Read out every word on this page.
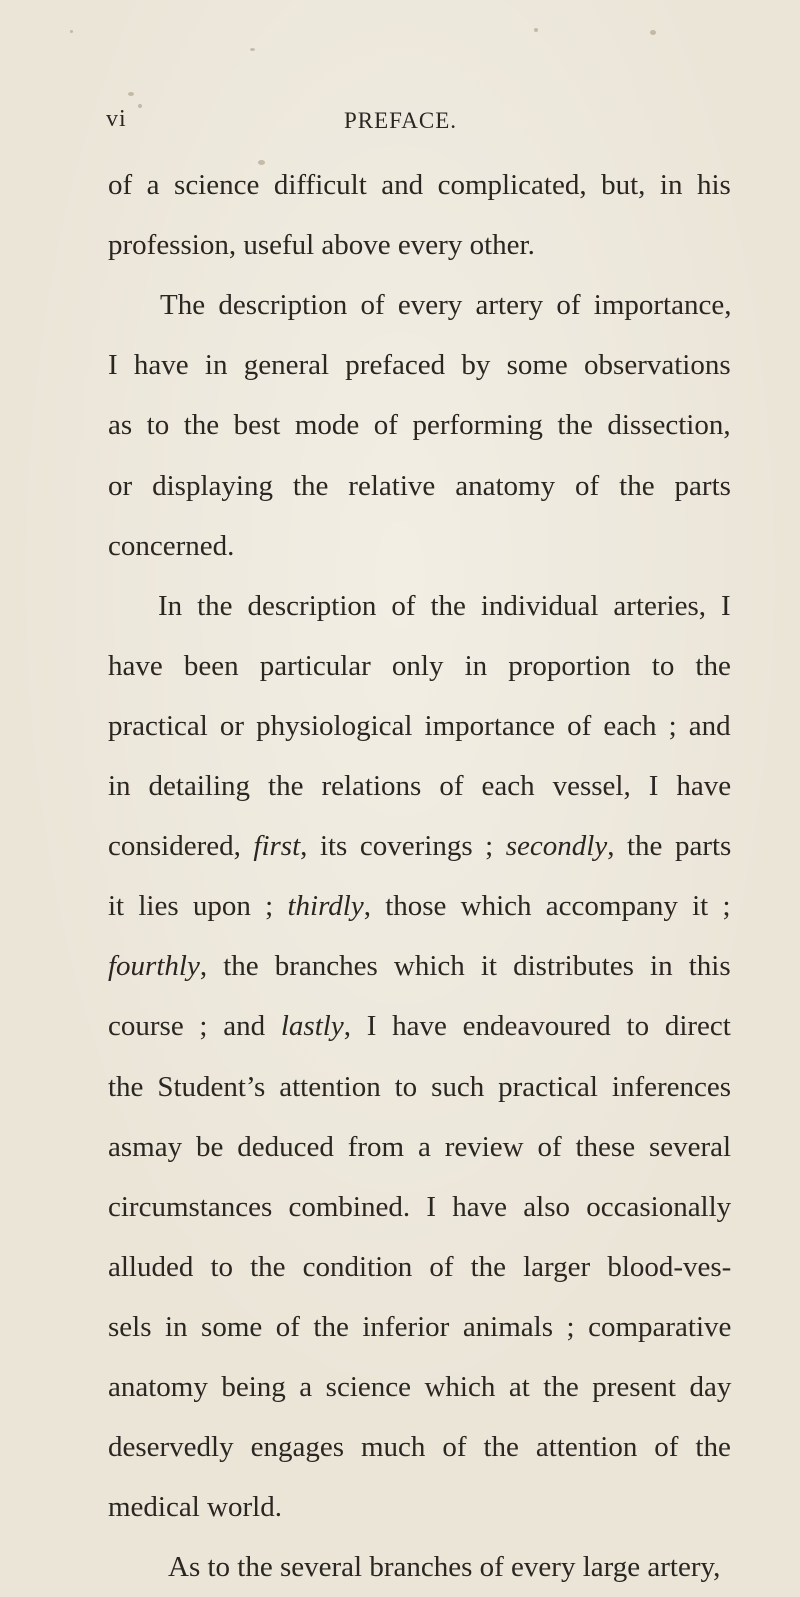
vi	PREFACE.
of a science difficult and complicated, but, in his
profession, useful above every other.
The description of every artery of importance,
I have in general prefaced by some observations
as to the best mode of performing the dissection,
or displaying the relative anatomy of the parts
concerned.
In the description of the individual arteries, I
have been particular only in proportion to the
practical or physiological importance of each ; and
in detailing the relations of each vessel, I have
considered, first, its coverings ; secondly, the parts
it lies upon ; thirdly, those which accompany it ;
fourthly, the branches which it distributes in this
course ; and lastly, I have endeavoured to direct
the Student’s attention to such practical inferences
asmay be deduced from a review of these several
circumstances combined. I have also occasionally
alluded to the condition of the larger blood-ves-
sels in some of the inferior animals ; comparative
anatomy being a science which at the present day
deservedly engages much of the attention of the
medical world.
As to the several branches of every large artery,
